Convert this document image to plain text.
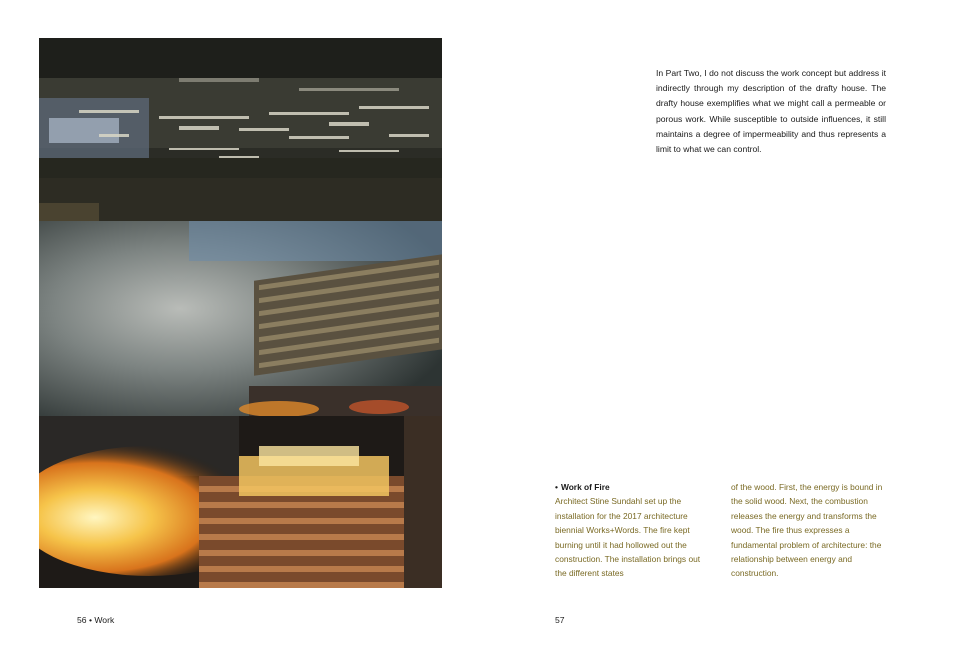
In Part Two, I do not discuss the work concept but address it indirectly through my description of the drafty house. The drafty house exemplifies what we might call a permeable or porous work. While susceptible to outside influences, it still maintains a degree of impermeability and thus represents a limit to what we can control.
• Work of Fire
Architect Stine Sundahl set up the installation for the 2017 architecture biennial Works+Words. The fire kept burning until it had hollowed out the construction. The installation brings out the different states
of the wood. First, the energy is bound in the solid wood. Next, the combustion releases the energy and transforms the wood. The fire thus expresses a fundamental problem of architecture: the relationship between energy and construction.
56 • Work	57
